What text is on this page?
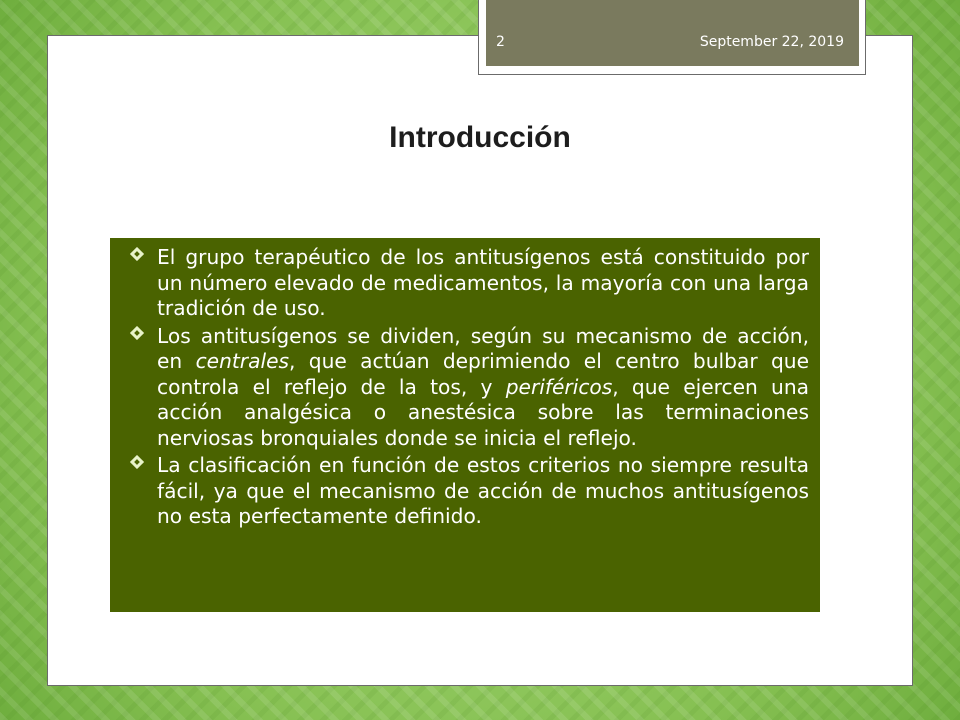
2	September 22, 2019
Introducción
El grupo terapéutico de los antitusígenos está constituido por un número elevado de medicamentos, la mayoría con una larga tradición de uso.
Los antitusígenos se dividen, según su mecanismo de acción, en centrales, que actúan deprimiendo el centro bulbar que controla el reflejo de la tos, y periféricos, que ejercen una acción analgésica o anestésica sobre las terminaciones nerviosas bronquiales donde se inicia el reflejo.
La clasificación en función de estos criterios no siempre resulta fácil, ya que el mecanismo de acción de muchos antitusígenos no esta perfectamente definido.
